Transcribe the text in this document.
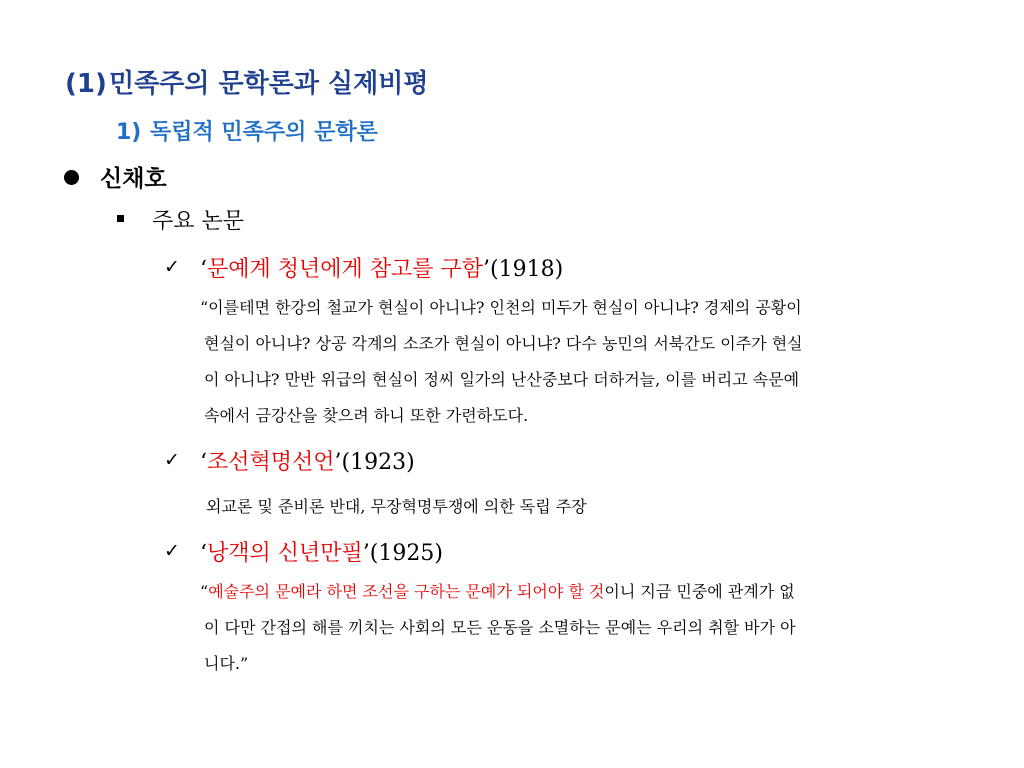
(1)민족주의 문학론과 실제비평
1) 독립적 민족주의 문학론
신채호
주요 논문
✓ ‘문예계 청년에게 참고를 구함’(1918)
“이를테면 한강의 철교가 현실이 아니냐? 인천의 미두가 현실이 아니냐? 경제의 공황이
현실이 아니냐? 상공 각계의 소조가 현실이 아니냐? 다수 농민의 서북간도 이주가 현실
이 아니냐? 만반 위급의 현실이 정씨 일가의 난산중보다 더하거늘, 이를 버리고 속문예
속에서 금강산을 찾으려 하니 또한 가련하도다.
✓ ‘조선혁명선언’(1923)
외교론 및 준비론 반대, 무장혁명투쟁에 의한 독립 주장
✓ ‘낭객의 신년만필’(1925)
“예술주의 문예라 하면 조선을 구하는 문예가 되어야 할 것이니 지금 민중에 관계가 없
이 다만 간접의 해를 끼치는 사회의 모든 운동을 소멸하는 문예는 우리의 취할 바가 아
니다.”
